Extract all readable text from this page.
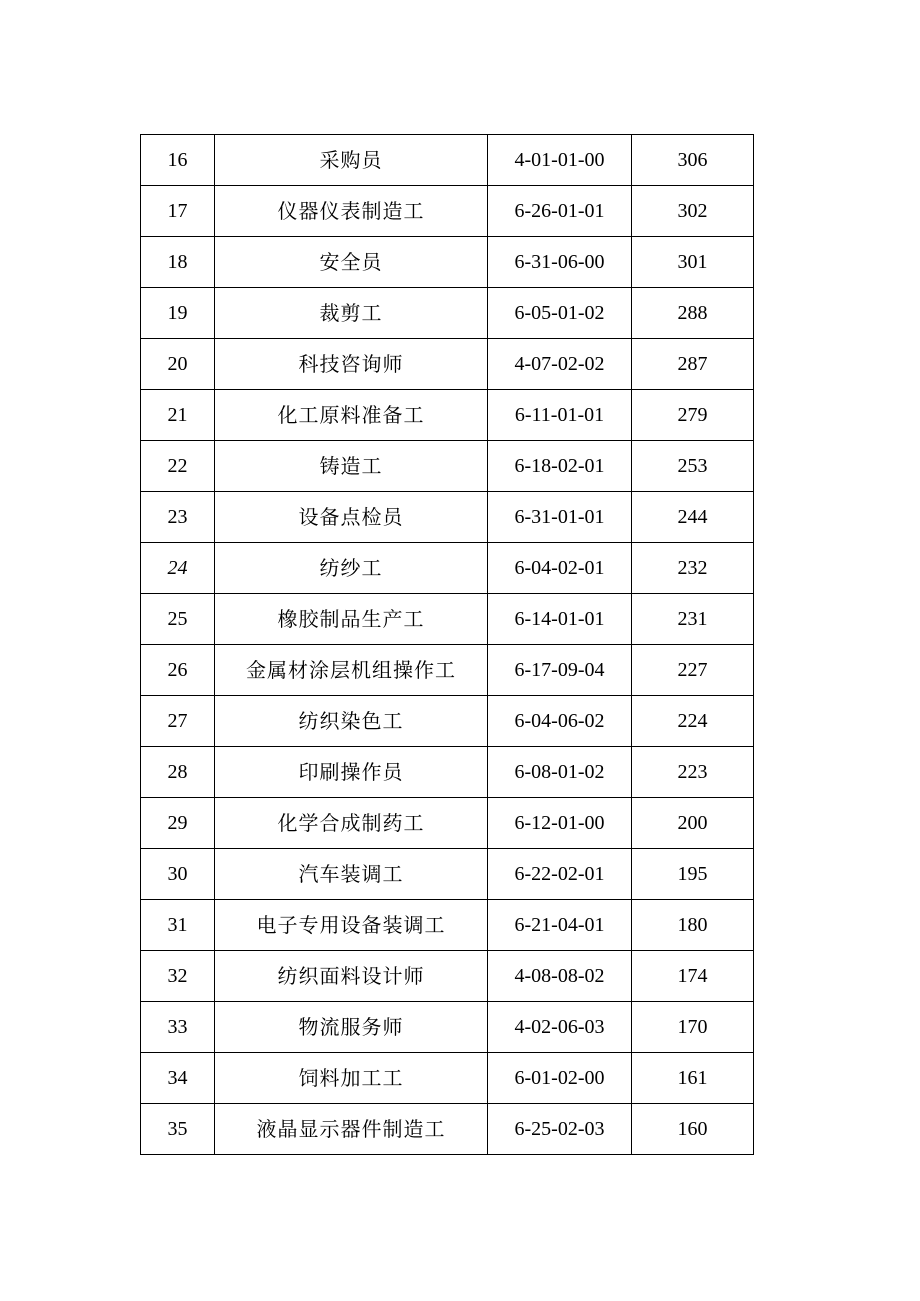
16	采购员	4-01-01-00	306
17	仪器仪表制造工	6-26-01-01	302
18	安全员	6-31-06-00	301
19	裁剪工	6-05-01-02	288
20	科技咨询师	4-07-02-02	287
21	化工原料准备工	6-11-01-01	279
22	铸造工	6-18-02-01	253
23	设备点检员	6-31-01-01	244
24	纺纱工	6-04-02-01	232
25	橡胶制品生产工	6-14-01-01	231
26	金属材涂层机组操作工	6-17-09-04	227
27	纺织染色工	6-04-06-02	224
28	印刷操作员	6-08-01-02	223
29	化学合成制药工	6-12-01-00	200
30	汽车装调工	6-22-02-01	195
31	电子专用设备装调工	6-21-04-01	180
32	纺织面料设计师	4-08-08-02	174
33	物流服务师	4-02-06-03	170
34	饲料加工工	6-01-02-00	161
35	液晶显示器件制造工	6-25-02-03	160
